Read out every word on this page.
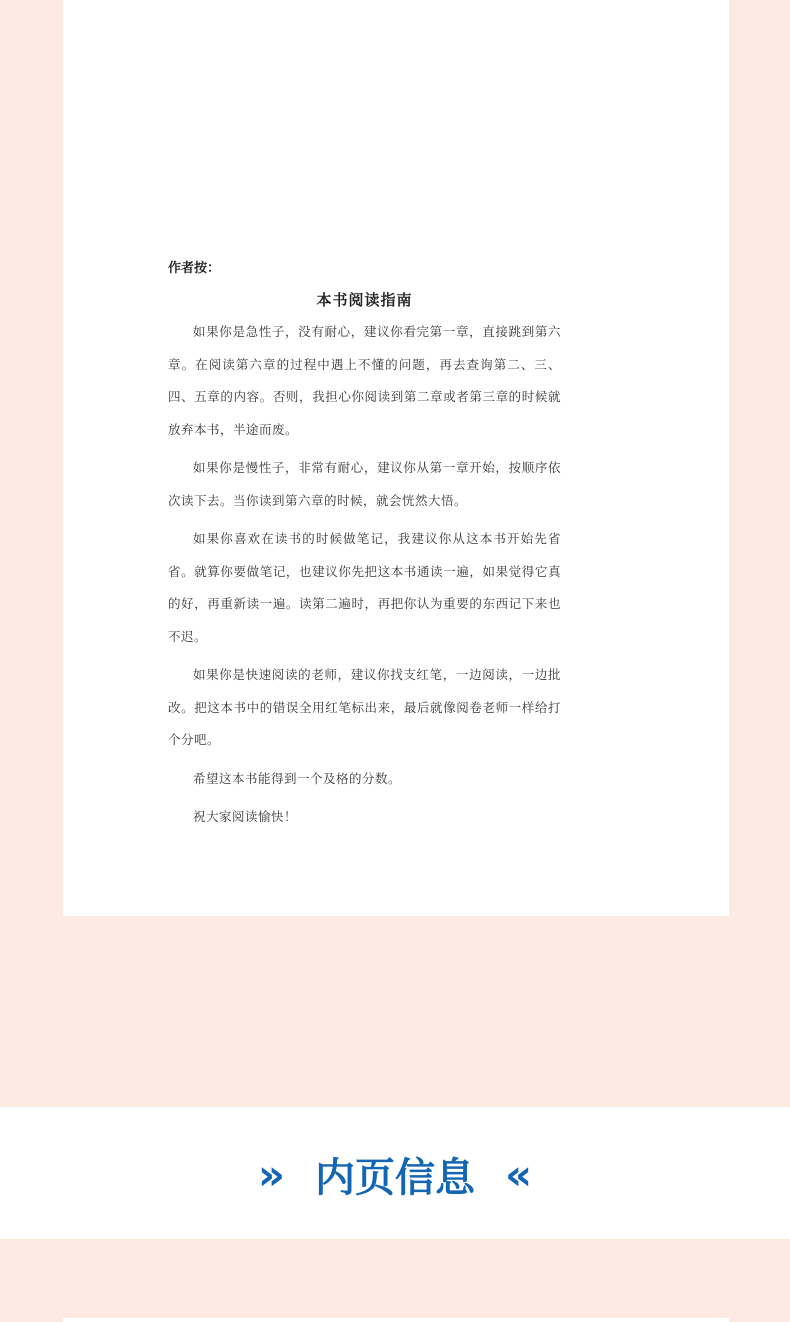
作者按：

本书阅读指南

如果你是急性子，没有耐心，建议你看完第一章，直接跳到第六章。在阅读第六章的过程中遇上不懂的问题，再去查询第二、三、四、五章的内容。否则，我担心你阅读到第二章或者第三章的时候就放弃本书，半途而废。

如果你是慢性子，非常有耐心，建议你从第一章开始，按顺序依次读下去。当你读到第六章的时候，就会恍然大悟。

如果你喜欢在读书的时候做笔记，我建议你从这本书开始先省省。就算你要做笔记，也建议你先把这本书通读一遍，如果觉得它真的好，再重新读一遍。读第二遍时，再把你认为重要的东西记下来也不迟。

如果你是快速阅读的老师，建议你找支红笔，一边阅读，一边批改。把这本书中的错误全用红笔标出来，最后就像阅卷老师一样给打个分吧。

希望这本书能得到一个及格的分数。

祝大家阅读愉快！

» 内页信息 «
